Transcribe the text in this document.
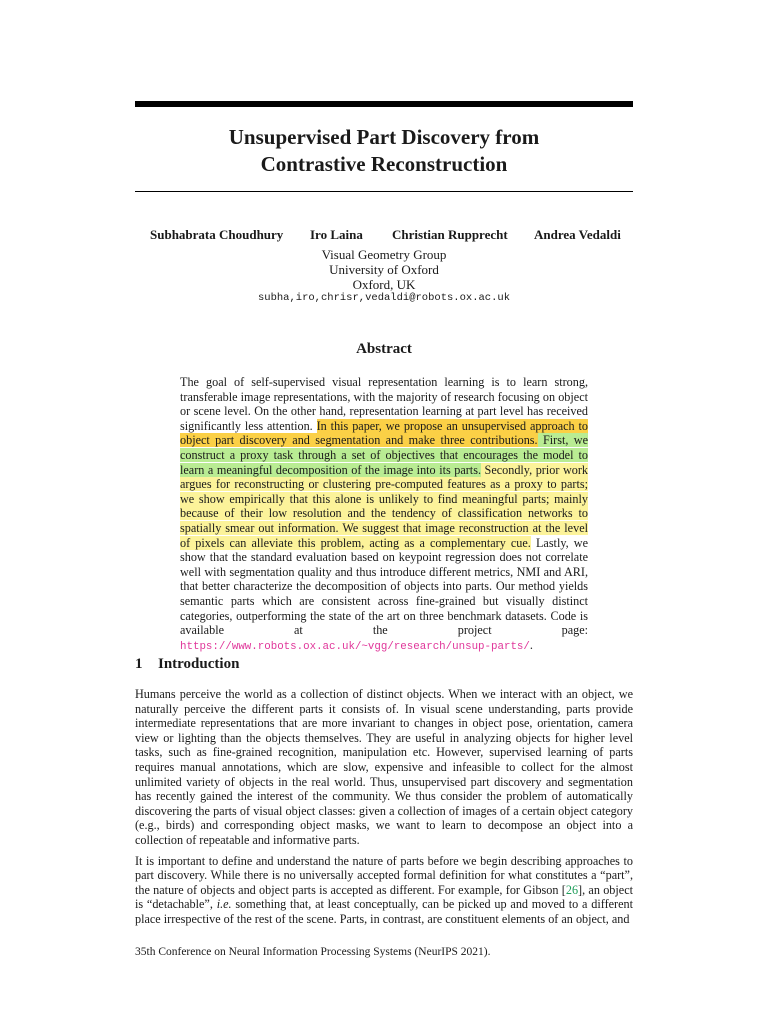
Unsupervised Part Discovery from
Contrastive Reconstruction
Subhabrata Choudhury Iro Laina Christian Rupprecht Andrea Vedaldi
Visual Geometry Group
University of Oxford
Oxford, UK
subha,iro,chrisr,vedaldi@robots.ox.ac.uk
Abstract
The goal of self-supervised visual representation learning is to learn strong, transferable image representations, with the majority of research focusing on object or scene level. On the other hand, representation learning at part level has received significantly less attention. In this paper, we propose an unsupervised approach to object part discovery and segmentation and make three contributions. First, we construct a proxy task through a set of objectives that encourages the model to learn a meaningful decomposition of the image into its parts. Secondly, prior work argues for reconstructing or clustering pre-computed features as a proxy to parts; we show empirically that this alone is unlikely to find meaningful parts; mainly because of their low resolution and the tendency of classification networks to spatially smear out information. We suggest that image reconstruction at the level of pixels can alleviate this problem, acting as a complementary cue. Lastly, we show that the standard evaluation based on keypoint regression does not correlate well with segmentation quality and thus introduce different metrics, NMI and ARI, that better characterize the decomposition of objects into parts. Our method yields semantic parts which are consistent across fine-grained but visually distinct categories, outperforming the state of the art on three benchmark datasets. Code is available at the project page: https://www.robots.ox.ac.uk/~vgg/research/unsup-parts/.
1 Introduction

Humans perceive the world as a collection of distinct objects. When we interact with an object, we naturally perceive the different parts it consists of. In visual scene understanding, parts provide intermediate representations that are more invariant to changes in object pose, orientation, camera view or lighting than the objects themselves. They are useful in analyzing objects for higher level tasks, such as fine-grained recognition, manipulation etc. However, supervised learning of parts requires manual annotations, which are slow, expensive and infeasible to collect for the almost unlimited variety of objects in the real world. Thus, unsupervised part discovery and segmentation has recently gained the interest of the community. We thus consider the problem of automatically discovering the parts of visual object classes: given a collection of images of a certain object category (e.g., birds) and corresponding object masks, we want to learn to decompose an object into a collection of repeatable and informative parts.

It is important to define and understand the nature of parts before we begin describing approaches to part discovery. While there is no universally accepted formal definition for what constitutes a “part”, the nature of objects and object parts is accepted as different. For example, for Gibson [26], an object is “detachable”, i.e. something that, at least conceptually, can be picked up and moved to a different place irrespective of the rest of the scene. Parts, in contrast, are constituent elements of an object, and

35th Conference on Neural Information Processing Systems (NeurIPS 2021).
